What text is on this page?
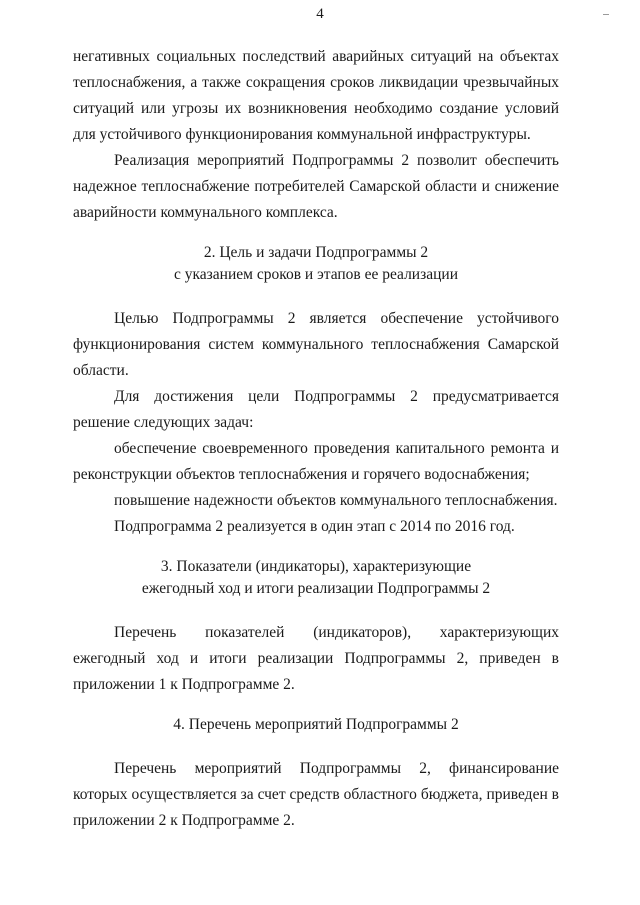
4

негативных социальных последствий аварийных ситуаций на объектах теплоснабжения, а также сокращения сроков ликвидации чрезвычайных ситуаций или угрозы их возникновения необходимо создание условий для устойчивого функционирования коммунальной инфраструктуры.

Реализация мероприятий Подпрограммы 2 позволит обеспечить надежное теплоснабжение потребителей Самарской области и снижение аварийности коммунального комплекса.

2. Цель и задачи Подпрограммы 2

с указанием сроков и этапов ее реализации

Целью Подпрограммы 2 является обеспечение устойчивого функционирования систем коммунального теплоснабжения Самарской области.

Для достижения цели Подпрограммы 2 предусматривается решение следующих задач:

обеспечение своевременного проведения капитального ремонта и реконструкции объектов теплоснабжения и горячего водоснабжения;

повышение надежности объектов коммунального теплоснабжения.

Подпрограмма 2 реализуется в один этап с 2014 по 2016 год.

3. Показатели (индикаторы), характеризующие

ежегодный ход и итоги реализации Подпрограммы 2

Перечень показателей (индикаторов), характеризующих ежегодный ход и итоги реализации Подпрограммы 2, приведен в приложении 1 к Подпрограмме 2.

4. Перечень мероприятий Подпрограммы 2

Перечень мероприятий Подпрограммы 2, финансирование которых осуществляется за счет средств областного бюджета, приведен в приложении 2 к Подпрограмме 2.
